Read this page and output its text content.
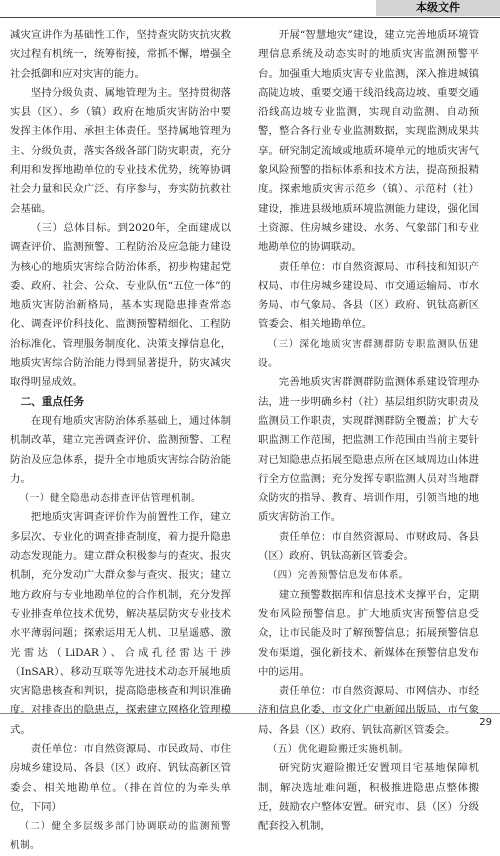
本级文件

减灾宣讲作为基础性工作，坚持查灾防灾抗灾救灾过程有机统一，统筹衔接，常抓不懈，增强全社会抵御和应对灾害的能力。

坚持分级负责、属地管理为主。坚持贯彻落实县（区）、乡（镇）政府在地质灾害防治中要发挥主体作用、承担主体责任。坚持属地管理为主、分级负责，落实各级各部门防灾职责，充分利用和发挥地勘单位的专业技术优势，统筹协调社会力量和民众广泛、有序参与，夯实防抗救社会基础。

（三）总体目标。到2020年，全面建成以调查评价、监测预警、工程防治及应急能力建设为核心的地质灾害综合防治体系，初步构建起党委、政府、社会、公众、专业队伍“五位一体”的地质灾害防治新格局，基本实现隐患排查常态化、调查评价科技化、监测预警精细化、工程防治标准化、管理服务制度化、决策支撑信息化，地质灾害综合防治能力得到显著提升，防灾减灾取得明显成效。

二、重点任务

在现有地质灾害防治体系基础上，通过体制机制改革，建立完善调查评价、监测预警、工程防治及应急体系，提升全市地质灾害综合防治能力。

（一）健全隐患动态排查评估管理机制。

把地质灾害调查评价作为前置性工作，建立多层次、专业化的调查排查制度，着力提升隐患动态发现能力。建立群众积极参与的查灾、报灾机制，充分发动广大群众参与查灾、报灾；建立地方政府与专业地勘单位的合作机制，充分发挥专业排查单位技术优势，解决基层防灾专业技术水平薄弱问题；探索运用无人机、卫星遥感、激光雷达（LiDAR）、合成孔径雷达干涉（InSAR）、移动互联等先进技术动态开展地质灾害隐患核查和判识，提高隐患核查和判识准确度。对排查出的隐患点，探索建立网格化管理模式。

责任单位：市自然资源局、市民政局、市住房城乡建设局、各县（区）政府、钒钛高新区管委会、相关地勘单位。（排在首位的为牵头单位，下同）

（二）健全多层级多部门协调联动的监测预警机制。

开展“智慧地灾”建设，建立完善地质环境管理信息系统及动态实时的地质灾害监测预警平台。加强重大地质灾害专业监测，深入推进城镇高陡边坡、重要交通干线沿线高边坡、重要交通沿线高边坡专业监测，实现自动监测、自动预警，整合各行业专业监测数据，实现监测成果共享。研究制定流域或地质环境单元的地质灾害气象风险预警的指标体系和技术方法，提高预报精度。探索地质灾害示范乡（镇）、示范村（社）建设，推进县级地质环境监测能力建设，强化国土资源、住房城乡建设、水务、气象部门和专业地勘单位的协调联动。

责任单位：市自然资源局、市科技和知识产权局、市住房城乡建设局、市交通运输局、市水务局、市气象局、各县（区）政府、钒钛高新区管委会、相关地勘单位。

（三）深化地质灾害群测群防专职监测队伍建设。

完善地质灾害群测群防监测体系建设管理办法，进一步明确乡村（社）基层组织防灾职责及监测员工作职责，实现群测群防全覆盖；扩大专职监测工作范围，把监测工作范围由当前主要针对已知隐患点拓展至隐患点所在区域周边山体进行全方位监测；充分发挥专职监测人员对当地群众防灾的指导、教育、培训作用，引领当地的地质灾害防治工作。

责任单位：市自然资源局、市财政局、各县（区）政府、钒钛高新区管委会。

（四）完善预警信息发布体系。

建立预警数据库和信息技术支撑平台，定期发布风险预警信息。扩大地质灾害预警信息受众，让市民能及时了解预警信息；拓展预警信息发布渠道，强化新技术、新媒体在预警信息发布中的运用。

责任单位：市自然资源局、市网信办、市经济和信息化委、市文化广电新闻出版局、市气象局、各县（区）政府、钒钛高新区管委会。

（五）优化避险搬迁实施机制。

研究防灾避险搬迁安置项目宅基地保障机制，解决选址难问题，积极推进隐患点整体搬迁，鼓励农户整体安置。研究市、县（区）分级配套投入机制，

29
